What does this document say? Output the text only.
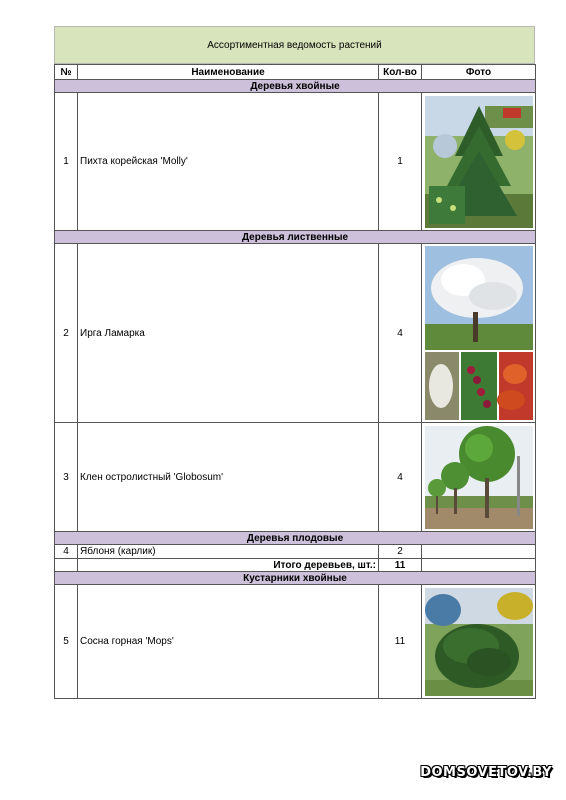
Ассортиментная ведомость растений
№	Наименование	Кол-во	Фото
Деревья хвойные			
1	Пихта корейская 'Molly'	1	

Деревья лиственные			
2	Ирга Ламарка	4	

3	Клен остролистный 'Globosum'	4	

Деревья плодовые			
4	Яблоня (карлик)	2	
	Итого деревьев, шт.:	11	
Кустарники хвойные			
5	Сосна горная 'Mops'	11	
DOMSOVETOV.BY
